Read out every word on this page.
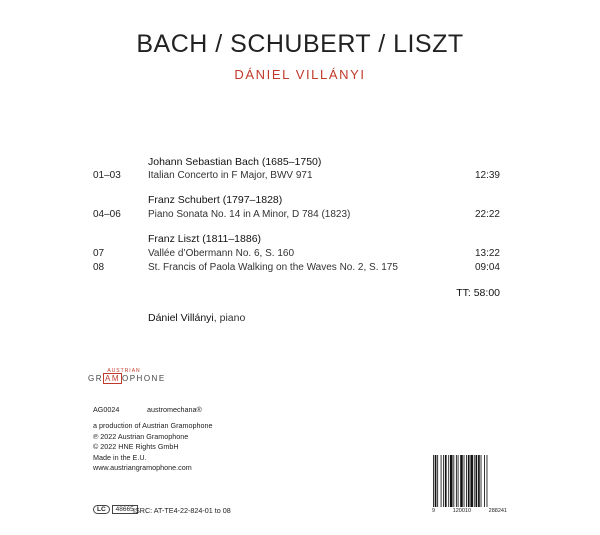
BACH / SCHUBERT / LISZT
DÁNIEL VILLÁNYI
Johann Sebastian Bach (1685–1750)
01–03	Italian Concerto in F Major, BWV 971	12:39
Franz Schubert (1797–1828)
04–06	Piano Sonata No. 14 in A Minor, D 784 (1823)	22:22
Franz Liszt (1811–1886)
07	Vallée d’Obermann No. 6, S. 160	13:22
08	St. Francis of Paola Walking on the Waves No. 2, S. 175	09:04
TT: 58:00
Dániel Villányi, piano
AUSTRIAN
GR AM OPHONE
AG0024	austromechana®
a production of Austrian Gramophone
℗ 2022 Austrian Gramophone
© 2022 HNE Rights GmbH
Made in the E.U.
www.austriangramophone.com
LC	48665 ISRC: AT-TE4-22-824-01 to 08	9	120010	288241
